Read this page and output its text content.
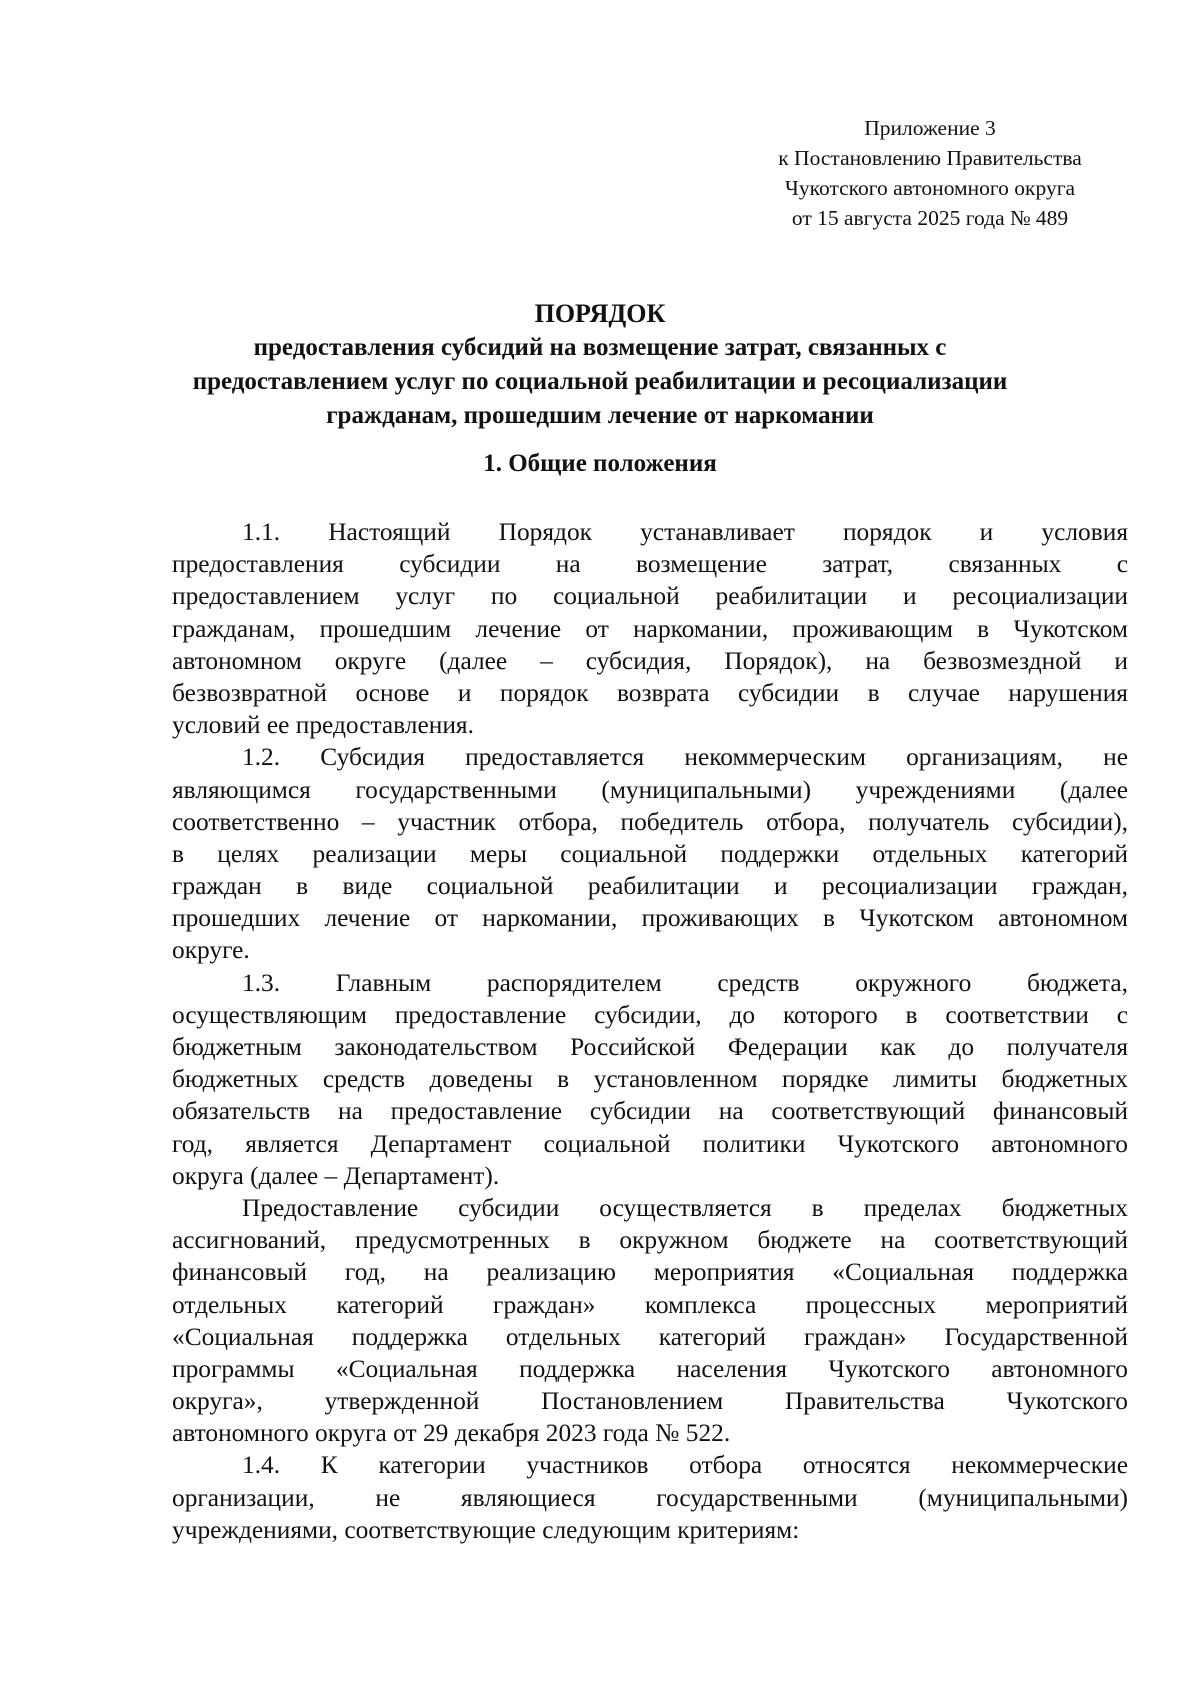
Приложение 3
к Постановлению Правительства
Чукотского автономного округа
от 15 августа 2025 года № 489
ПОРЯДОК
предоставления субсидий на возмещение затрат, связанных с
предоставлением услуг по социальной реабилитации и ресоциализации
гражданам, прошедшим лечение от наркомании
1. Общие положения
1.1. Настоящий Порядок устанавливает порядок и условия
предоставления субсидии на возмещение затрат, связанных с
предоставлением услуг по социальной реабилитации и ресоциализации
гражданам, прошедшим лечение от наркомании, проживающим в Чукотском
автономном округе (далее – субсидия, Порядок), на безвозмездной и
безвозвратной основе и порядок возврата субсидии в случае нарушения
условий ее предоставления.
1.2. Субсидия предоставляется некоммерческим организациям, не
являющимся государственными (муниципальными) учреждениями (далее
соответственно – участник отбора, победитель отбора, получатель субсидии),
в целях реализации меры социальной поддержки отдельных категорий
граждан в виде социальной реабилитации и ресоциализации граждан,
прошедших лечение от наркомании, проживающих в Чукотском автономном
округе.
1.3. Главным распорядителем средств окружного бюджета,
осуществляющим предоставление субсидии, до которого в соответствии с
бюджетным законодательством Российской Федерации как до получателя
бюджетных средств доведены в установленном порядке лимиты бюджетных
обязательств на предоставление субсидии на соответствующий финансовый
год, является Департамент социальной политики Чукотского автономного
округа (далее – Департамент).
Предоставление субсидии осуществляется в пределах бюджетных
ассигнований, предусмотренных в окружном бюджете на соответствующий
финансовый год, на реализацию мероприятия «Социальная поддержка
отдельных категорий граждан» комплекса процессных мероприятий
«Социальная поддержка отдельных категорий граждан» Государственной
программы «Социальная поддержка населения Чукотского автономного
округа», утвержденной Постановлением Правительства Чукотского
автономного округа от 29 декабря 2023 года № 522.
1.4. К категории участников отбора относятся некоммерческие
организации, не являющиеся государственными (муниципальными)
учреждениями, соответствующие следующим критериям:
